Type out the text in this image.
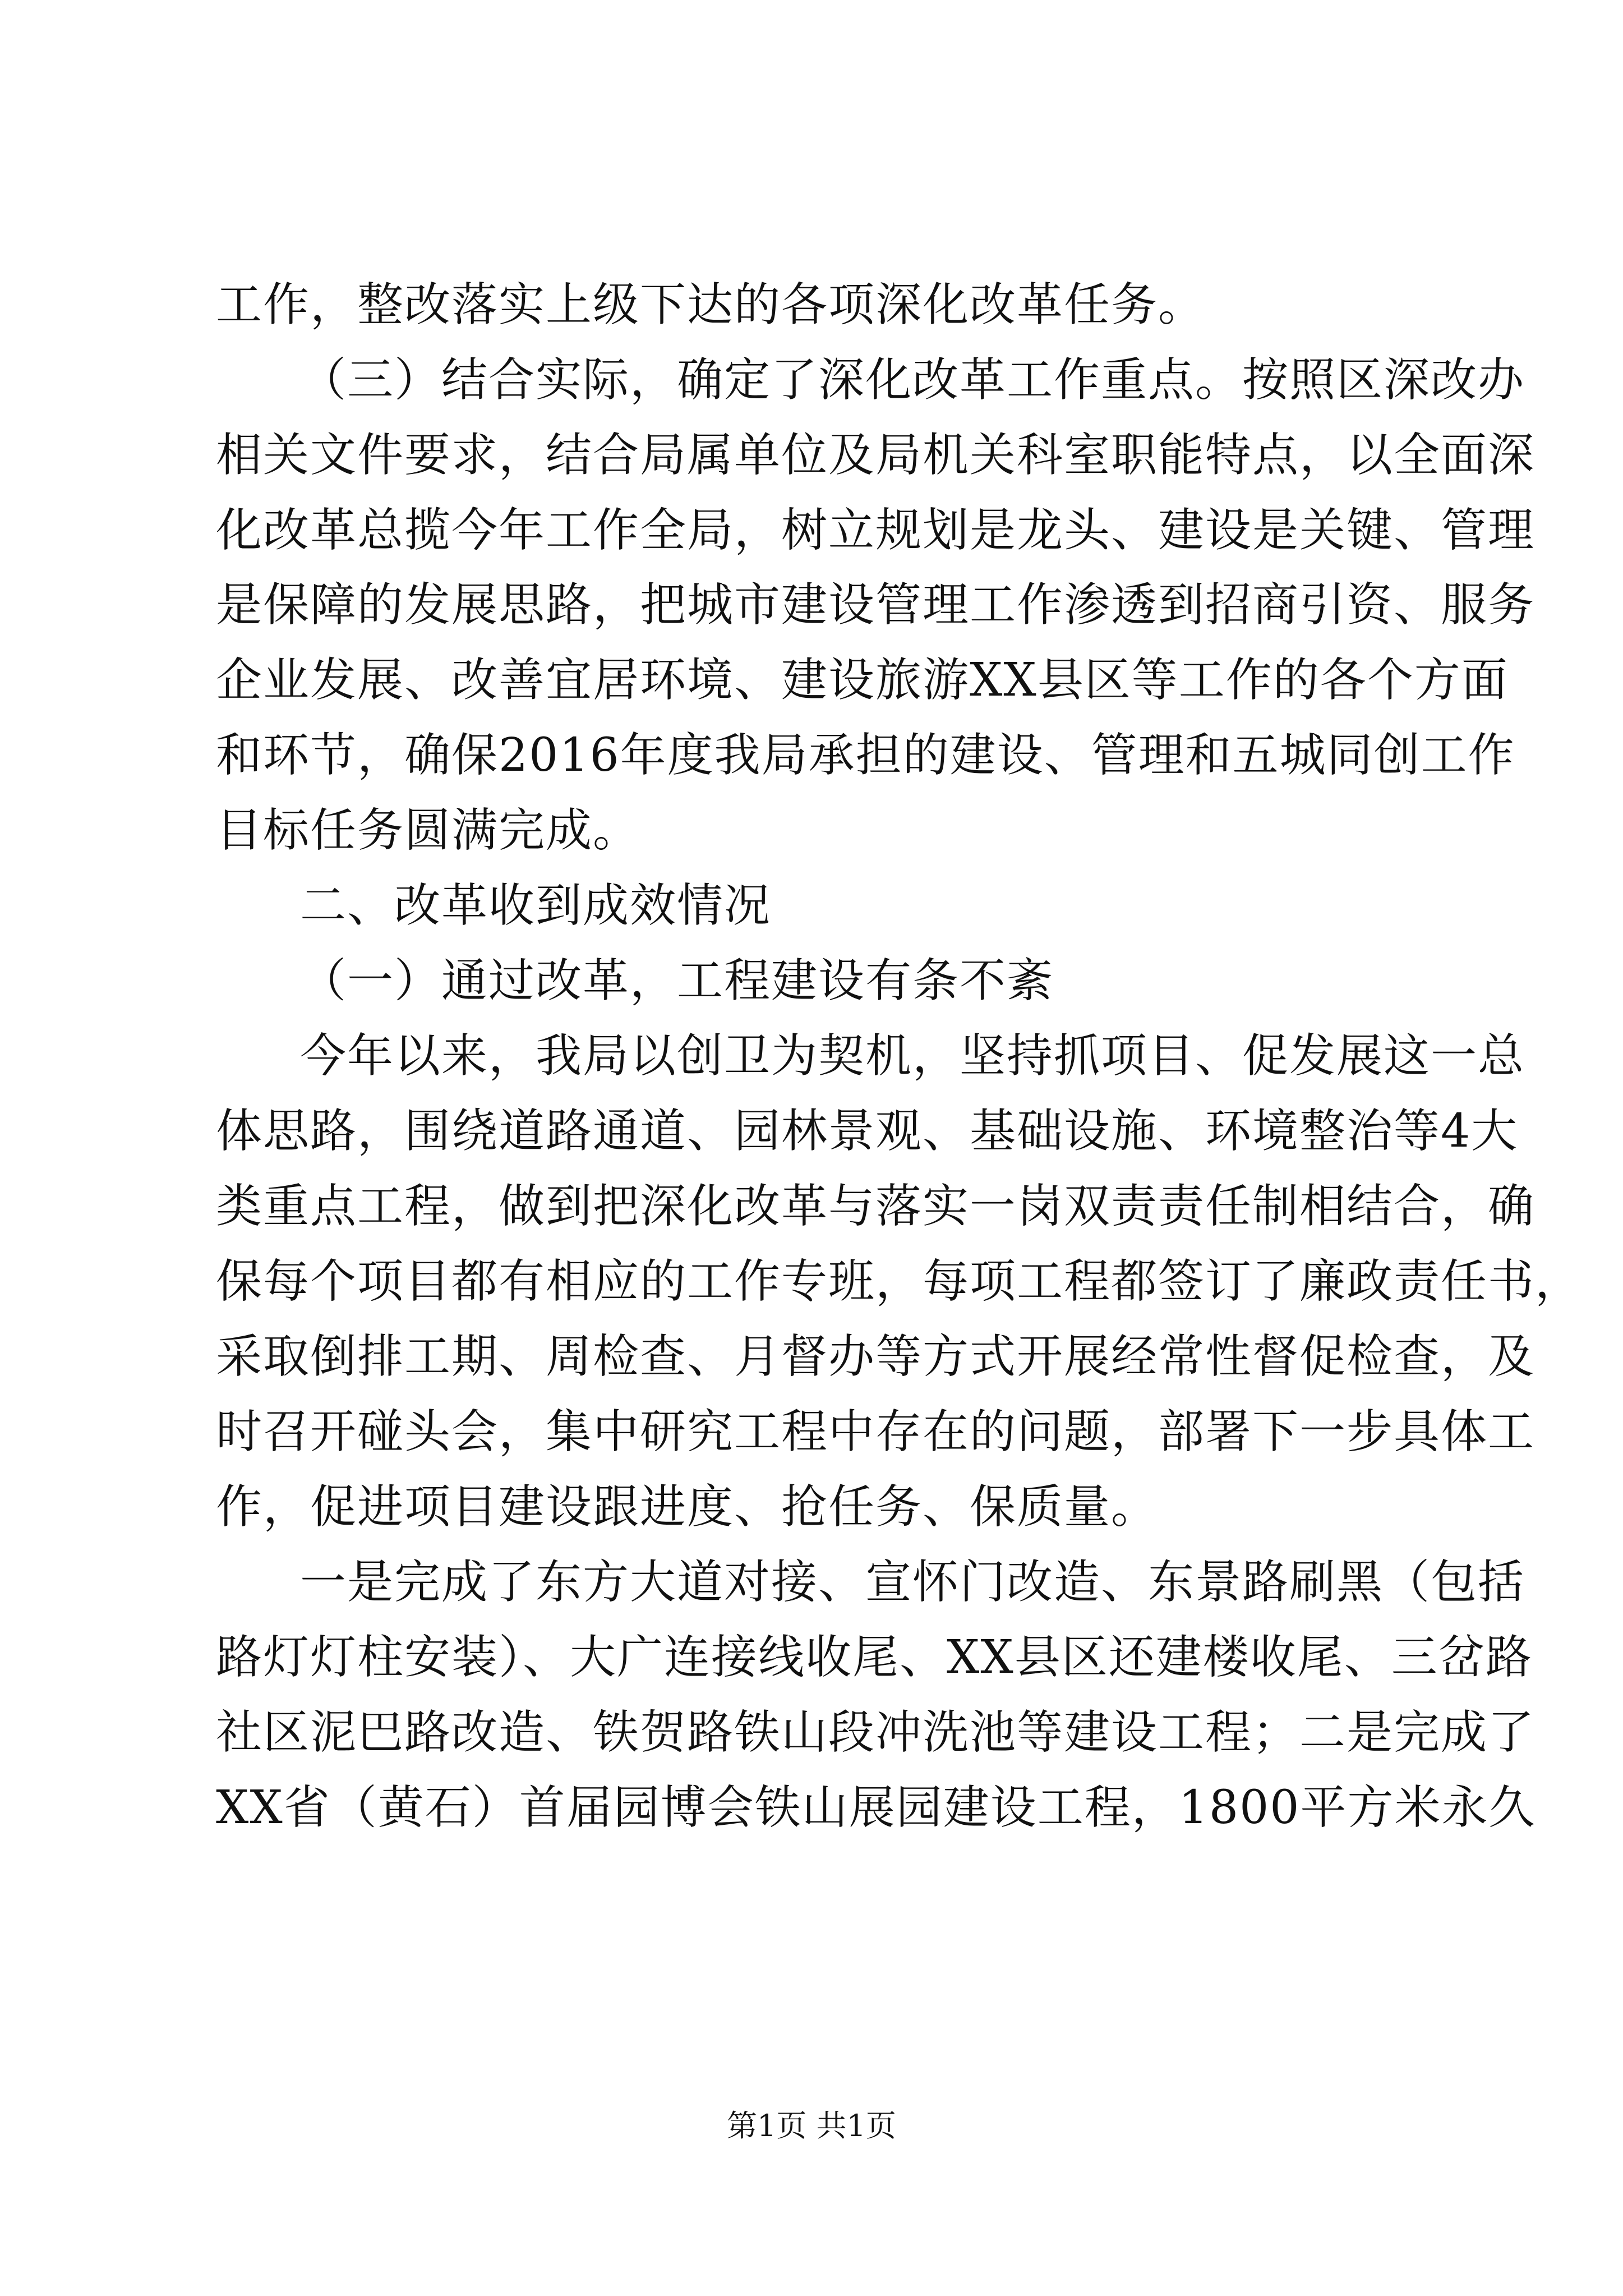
工作，整改落实上级下达的各项深化改革任务。
（三）结合实际，确定了深化改革工作重点。按照区深改办
相关文件要求，结合局属单位及局机关科室职能特点，以全面深
化改革总揽今年工作全局，树立规划是龙头、建设是关键、管理
是保障的发展思路，把城市建设管理工作渗透到招商引资、服务
企业发展、改善宜居环境、建设旅游XX县区等工作的各个方面
和环节，确保2016年度我局承担的建设、管理和五城同创工作
目标任务圆满完成。
二、改革收到成效情况
（一）通过改革，工程建设有条不紊
今年以来，我局以创卫为契机，坚持抓项目、促发展这一总
体思路，围绕道路通道、园林景观、基础设施、环境整治等4大
类重点工程，做到把深化改革与落实一岗双责责任制相结合，确
保每个项目都有相应的工作专班，每项工程都签订了廉政责任书，
采取倒排工期、周检查、月督办等方式开展经常性督促检查，及
时召开碰头会，集中研究工程中存在的问题，部署下一步具体工
作，促进项目建设跟进度、抢任务、保质量。
一是完成了东方大道对接、宣怀门改造、东景路刷黑（包括
路灯灯柱安装）、大广连接线收尾、XX县区还建楼收尾、三岔路
社区泥巴路改造、铁贺路铁山段冲洗池等建设工程；二是完成了
XX省（黄石）首届园博会铁山展园建设工程，1800平方米永久
第1页 共1页
